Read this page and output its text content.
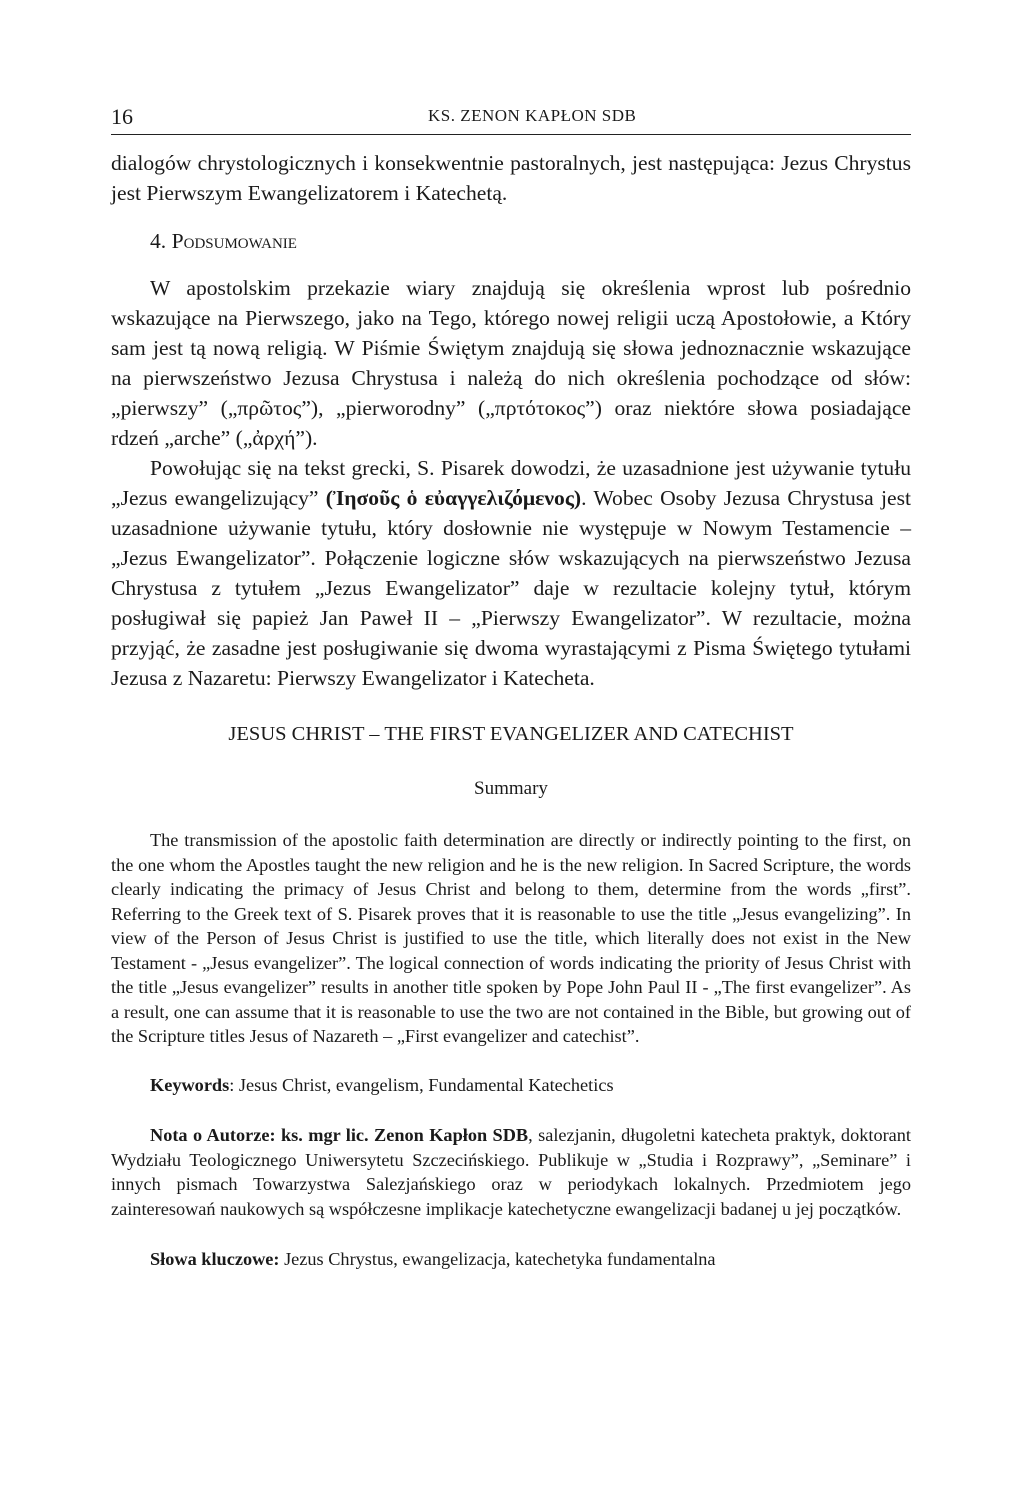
16	KS. ZENON KAPŁON SDB

dialogów chrystologicznych i konsekwentnie pastoralnych, jest następująca: Jezus Chrystus jest Pierwszym Ewangelizatorem i Katechetą.

4. Podsumowanie

W apostolskim przekazie wiary znajdują się określenia wprost lub pośrednio wskazujące na Pierwszego, jako na Tego, którego nowej religii uczą Apostołowie, a Który sam jest tą nową religią. W Piśmie Świętym znajdują się słowa jednoznacznie wskazujące na pierwszeństwo Jezusa Chrystusa i należą do nich określenia pochodzące od słów: „pierwszy” („πρῶτος”), „pierworodny” („πρτότοκος”) oraz niektóre słowa posiadające rdzeń „arche” („ἀρχή”).

Powołując się na tekst grecki, S. Pisarek dowodzi, że uzasadnione jest używanie tytułu „Jezus ewangelizujący” (Ἰησοῦς ὁ εὐαγγελιζόμενος). Wobec Osoby Jezusa Chrystusa jest uzasadnione używanie tytułu, który dosłownie nie występuje w Nowym Testamencie – „Jezus Ewangelizator”. Połączenie logiczne słów wskazujących na pierwszeństwo Jezusa Chrystusa z tytułem „Jezus Ewangelizator” daje w rezultacie kolejny tytuł, którym posługiwał się papież Jan Paweł II – „Pierwszy Ewangelizator”. W rezultacie, można przyjąć, że zasadne jest posługiwanie się dwoma wyrastającymi z Pisma Świętego tytułami Jezusa z Nazaretu: Pierwszy Ewangelizator i Katecheta.

JESUS CHRIST – THE FIRST EVANGELIZER AND CATECHIST
Summary

The transmission of the apostolic faith determination are directly or indirectly pointing to the first, on the one whom the Apostles taught the new religion and he is the new religion. In Sacred Scripture, the words clearly indicating the primacy of Jesus Christ and belong to them, determine from the words „first”. Referring to the Greek text of S. Pisarek proves that it is reasonable to use the title „Jesus evangelizing”. In view of the Person of Jesus Christ is justified to use the title, which literally does not exist in the New Testament - „Jesus evangelizer”. The logical connection of words indicating the priority of Jesus Christ with the title „Jesus evangelizer” results in another title spoken by Pope John Paul II - „The first evangelizer”. As a result, one can assume that it is reasonable to use the two are not contained in the Bible, but growing out of the Scripture titles Jesus of Nazareth – „First evangelizer and catechist”.

Keywords: Jesus Christ, evangelism, Fundamental Katechetics

Nota o Autorze: ks. mgr lic. Zenon Kapłon SDB, salezjanin, długoletni katecheta praktyk, doktorant Wydziału Teologicznego Uniwersytetu Szczecińskiego. Publikuje w „Studia i Rozprawy”, „Seminare” i innych pismach Towarzystwa Salezjańskiego oraz w periodykach lokalnych. Przedmiotem jego zainteresowań naukowych są współczesne implikacje katechetyczne ewangelizacji badanej u jej początków.

Słowa kluczowe: Jezus Chrystus, ewangelizacja, katechetyka fundamentalna
